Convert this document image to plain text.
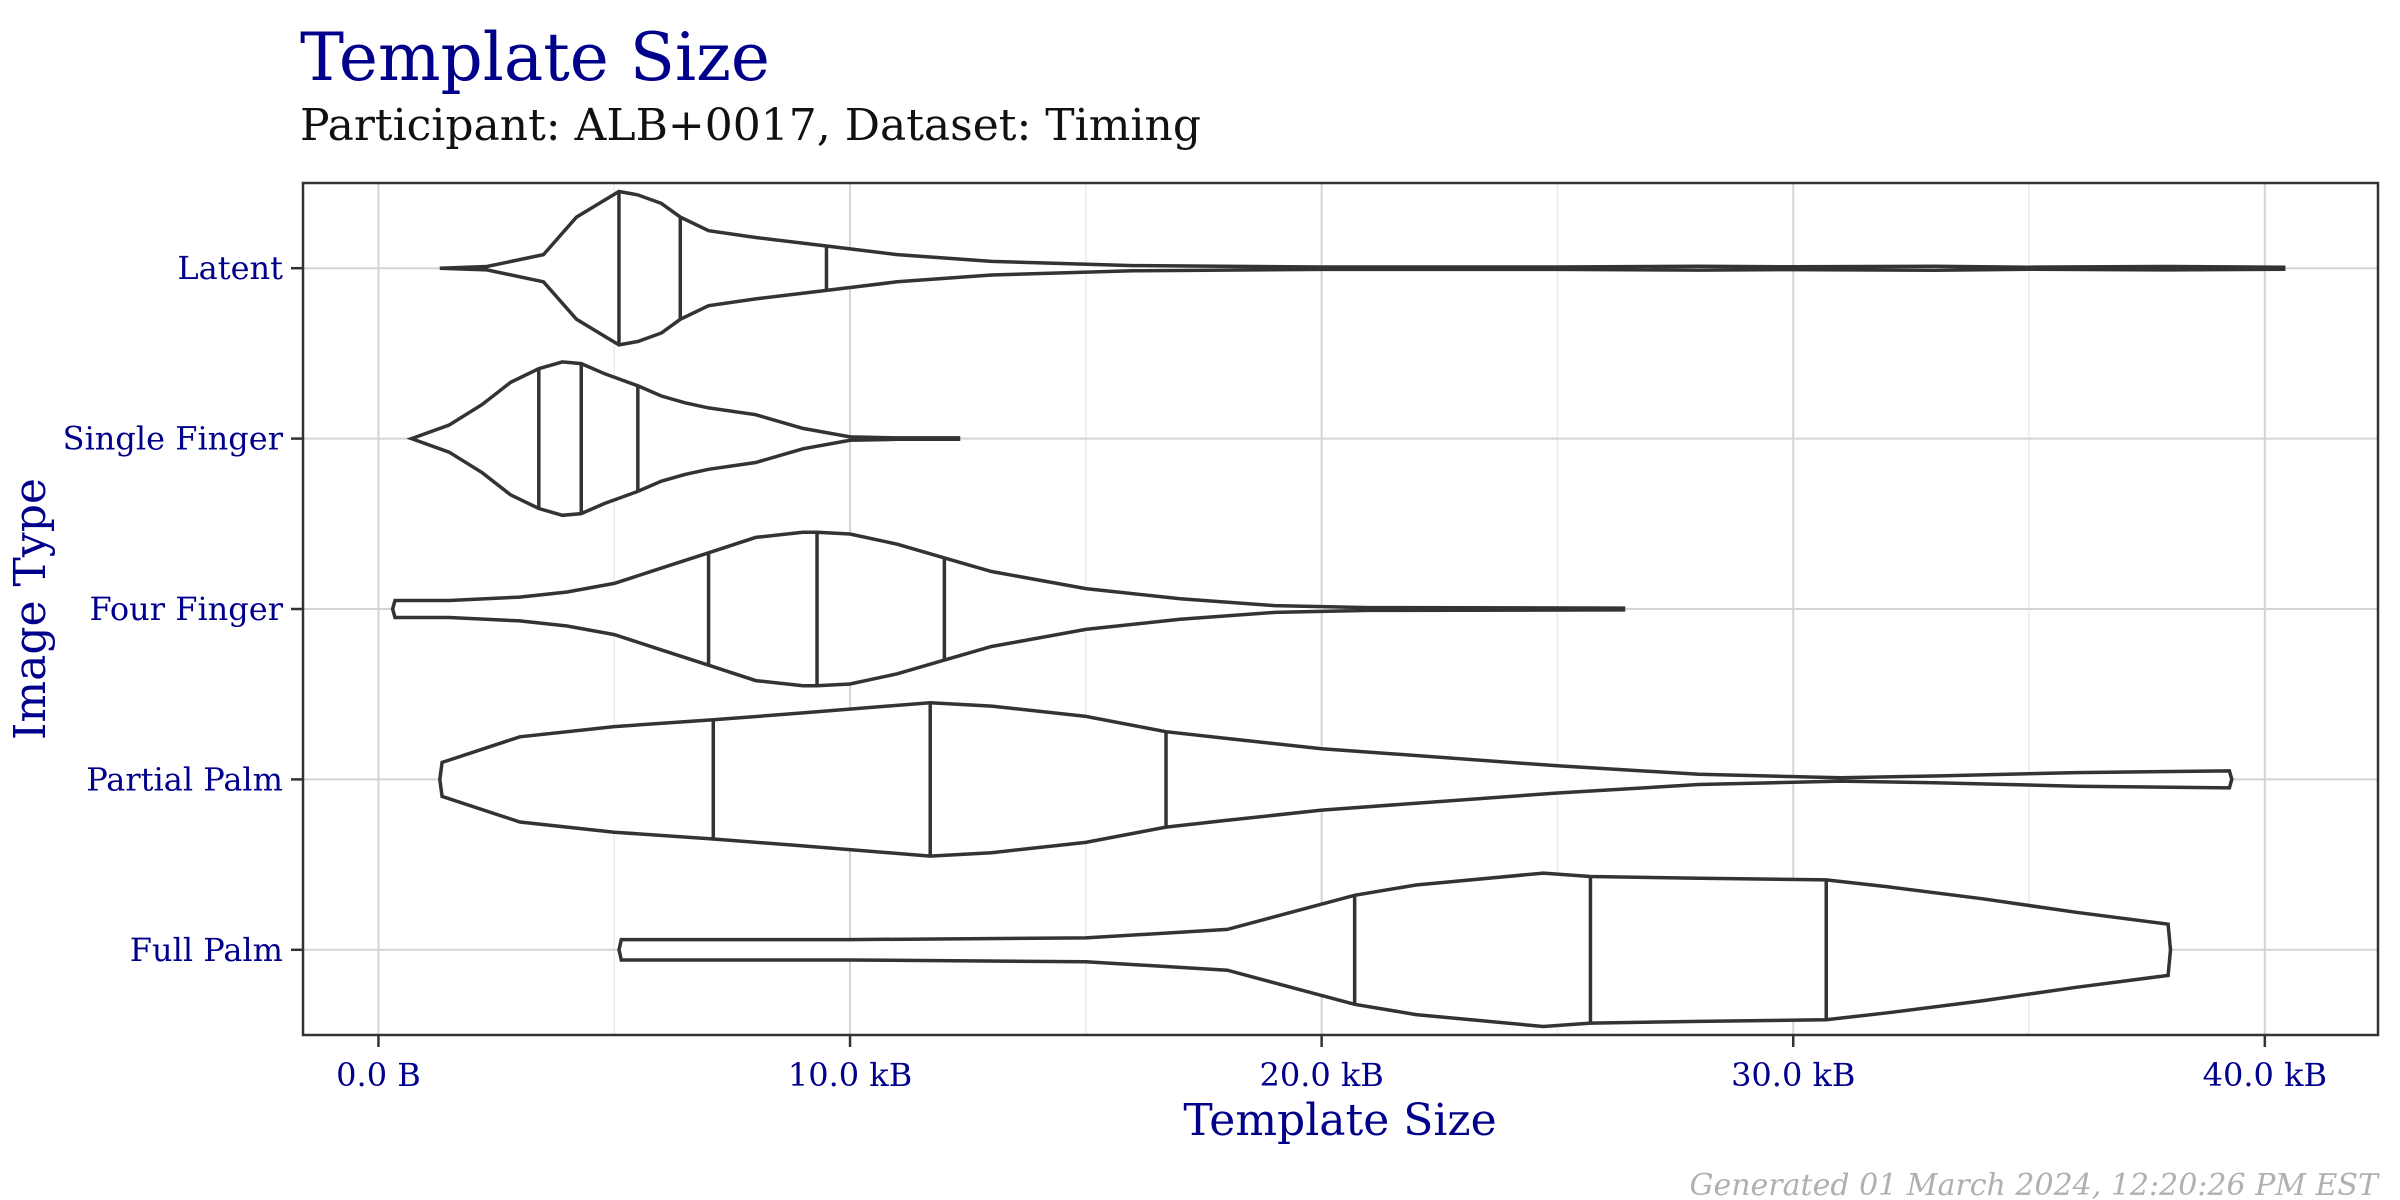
Template Size
Participant: ALB+0017, Dataset: Timing
0.0 B	10.0 kB	20.0 kB	30.0 kB	40.0 kB
Latent
Single Finger
Four Finger
Partial Palm
Full Palm
Template Size
Image Type
Generated 01 March 2024, 12:20:26 PM EST
